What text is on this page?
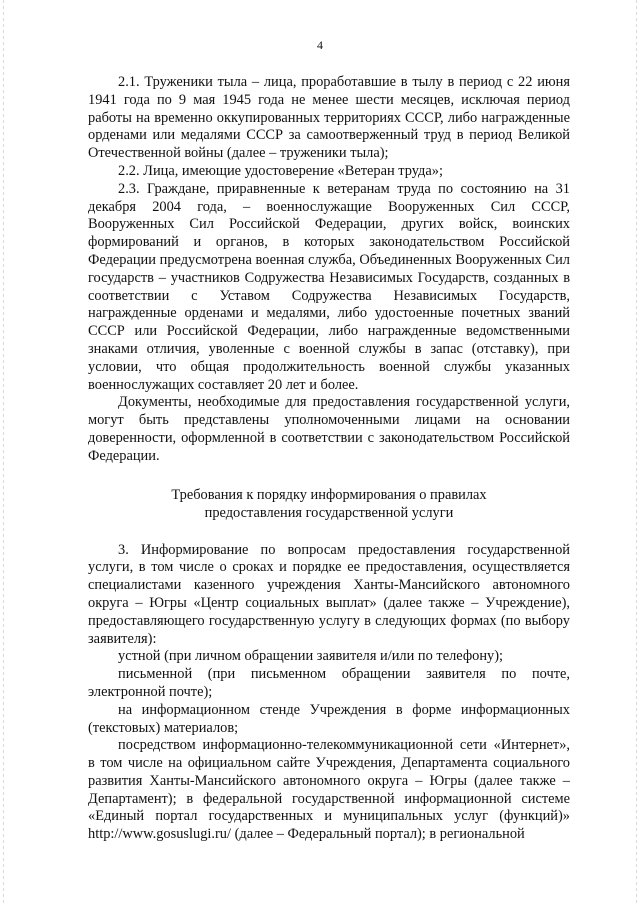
4

2.1. Труженики тыла – лица, проработавшие в тылу в период с 22 июня 1941 года по 9 мая 1945 года не менее шести месяцев, исключая период работы на временно оккупированных территориях СССР, либо награжденные орденами или медалями СССР за самоотверженный труд в период Великой Отечественной войны (далее – труженики тыла);

2.2. Лица, имеющие удостоверение «Ветеран труда»;

2.3. Граждане, приравненные к ветеранам труда по состоянию на 31 декабря 2004 года, – военнослужащие Вооруженных Сил СССР, Вооруженных Сил Российской Федерации, других войск, воинских формирований и органов, в которых законодательством Российской Федерации предусмотрена военная служба, Объединенных Вооруженных Сил государств – участников Содружества Независимых Государств, созданных в соответствии с Уставом Содружества Независимых Государств, награжденные орденами и медалями, либо удостоенные почетных званий СССР или Российской Федерации, либо награжденные ведомственными знаками отличия, уволенные с военной службы в запас (отставку), при условии, что общая продолжительность военной службы указанных военнослужащих составляет 20 лет и более.

Документы, необходимые для предоставления государственной услуги, могут быть представлены уполномоченными лицами на основании доверенности, оформленной в соответствии с законодательством Российской Федерации.

Требования к порядку информирования о правилах
предоставления государственной услуги

3. Информирование по вопросам предоставления государственной услуги, в том числе о сроках и порядке ее предоставления, осуществляется специалистами казенного учреждения Ханты-Мансийского автономного округа – Югры «Центр социальных выплат» (далее также – Учреждение), предоставляющего государственную услугу в следующих формах (по выбору заявителя):

устной (при личном обращении заявителя и/или по телефону);

письменной (при письменном обращении заявителя по почте, электронной почте);

на информационном стенде Учреждения в форме информационных (текстовых) материалов;

посредством информационно-телекоммуникационной сети «Интернет», в том числе на официальном сайте Учреждения, Департамента социального развития Ханты-Мансийского автономного округа – Югры (далее также – Департамент); в федеральной государственной информационной системе «Единый портал государственных и муниципальных услуг (функций)» http://www.gosuslugi.ru/ (далее – Федеральный портал); в региональной
